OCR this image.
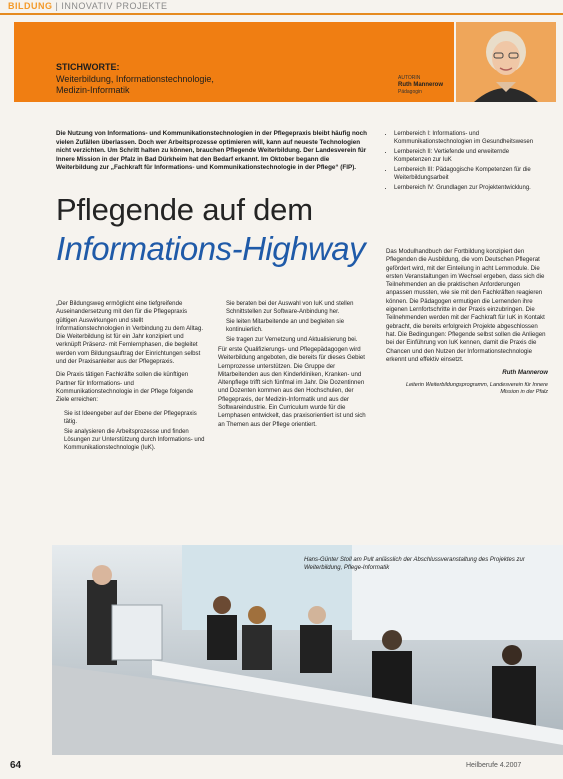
BILDUNG | INNOVATIV PROJEKTE
STICHWORTE:
Weiterbildung, Informationstechnologie,
Medizin-Informatik
AUTORIN
Ruth Mannerow
Pädagogin

Die Nutzung von Informations- und Kommunikationstechnologien in der Pflegepraxis bleibt häufig noch vielen Zufällen überlassen. Doch wer Arbeitsprozesse optimieren will, kann auf neueste Technologien nicht verzichten. Um Schritt halten zu können, brauchen Pflegende Weiterbildung. Der Landesverein für Innere Mission in der Pfalz in Bad Dürkheim hat den Bedarf erkannt. Im Oktober begann die Weiterbildung zur „Fachkraft für Informations- und Kommunikationstechnologie in der Pflege“ (FIP).

Pflegende auf dem
Informations-Highway
• Lernbereich I: Informations- und Kommunikationstechnologien im Gesundheitswesen
• Lernbereich II: Vertiefende und erweiternde Kompetenzen zur IuK
• Lernbereich III: Pädagogische Kompetenzen für die Weiterbildungsarbeit
• Lernbereich IV: Grundlagen zur Projektentwicklung.

„Der Bildungsweg ermöglicht eine tiefgreifende Auseinandersetzung mit den für die Pflegepraxis gültigen Auswirkungen und stellt Informationstechnologien in Verbindung zu dem Alltag. Die Weiterbildung ist für ein Jahr konzipiert und verknüpft Präsenz- mit Fernlernphasen, die begleitet werden vom Bildungsauftrag der Einrichtungen selbst und der Praxisanleiter aus der Pflegepraxis.

Die Praxis tätigen Fachkräfte sollen die künftigen Partner für Informations- und Kommunikationstechnologie in der Pflege folgende Ziele erreichen:

• Sie ist Ideengeber auf der Ebene der Pflegepraxis tätig.
• Sie analysieren die Arbeitsprozesse und finden Lösungen zur Unterstützung durch Informations- und Kommunikationstechnologie (IuK).
• Sie beraten bei der Auswahl von IuK und stellen Schnittstellen zur Software-Anbindung her.
• Sie leiten Mitarbeitende an und begleiten sie kontinuierlich.
• Sie tragen zur Vernetzung und Aktualisierung bei.

Für erste Qualifizierungs- und Pflegepädagogen wird Weiterbildung angeboten, die bereits für dieses Gebiet Lernprozesse unterstützen. Die Gruppe der Mitarbeitenden aus den Kinderkliniken, Kranken- und Altenpflege trifft sich fünfmal im Jahr. Die Dozentinnen und Dozenten kommen aus den Hochschulen, der Pflegepraxis, der Medizin-Informatik und aus der Softwareindustrie. Ein Curriculum wurde für die Lernphasen entwickelt, das praxisorientiert ist und sich an Themen aus der Pflege orientiert.

Das Modulhandbuch der Fortbildung konzipiert den Pflegenden die Ausbildung, die vom Deutschen Pflegerat gefördert wird, mit der Einteilung in acht Lernmodule. Die ersten Veranstaltungen im Wechsel ergeben, dass sich die Teilnehmenden an die praktischen Anforderungen anpassen mussten, wie sie mit den Fachkräften reagieren können. Die Pädagogen ermutigen die Lernenden ihre eigenen Lernfortschritte in der Praxis einzubringen. Die Teilnehmenden werden mit der Fachkraft für IuK in Kontakt gebracht, die bereits erfolgreich Projekte abgeschlossen hat. Die Bedingungen: Pflegende selbst sollen die Anliegen bei der Einführung von IuK kennen, damit die Praxis die Chancen und den Nutzen der Informationstechnologie erkennt und effektiv einsetzt.

Ruth Mannerow

Leiterin Weiterbildungsprogramm, Landesverein für Innere Mission in der Pfalz

Hans-Günter Stoll am Pult anlässlich der Abschlussveranstaltung des Projektes zur Weiterbildung, Pflege-Informatik
64	Heilberufe 4.2007
